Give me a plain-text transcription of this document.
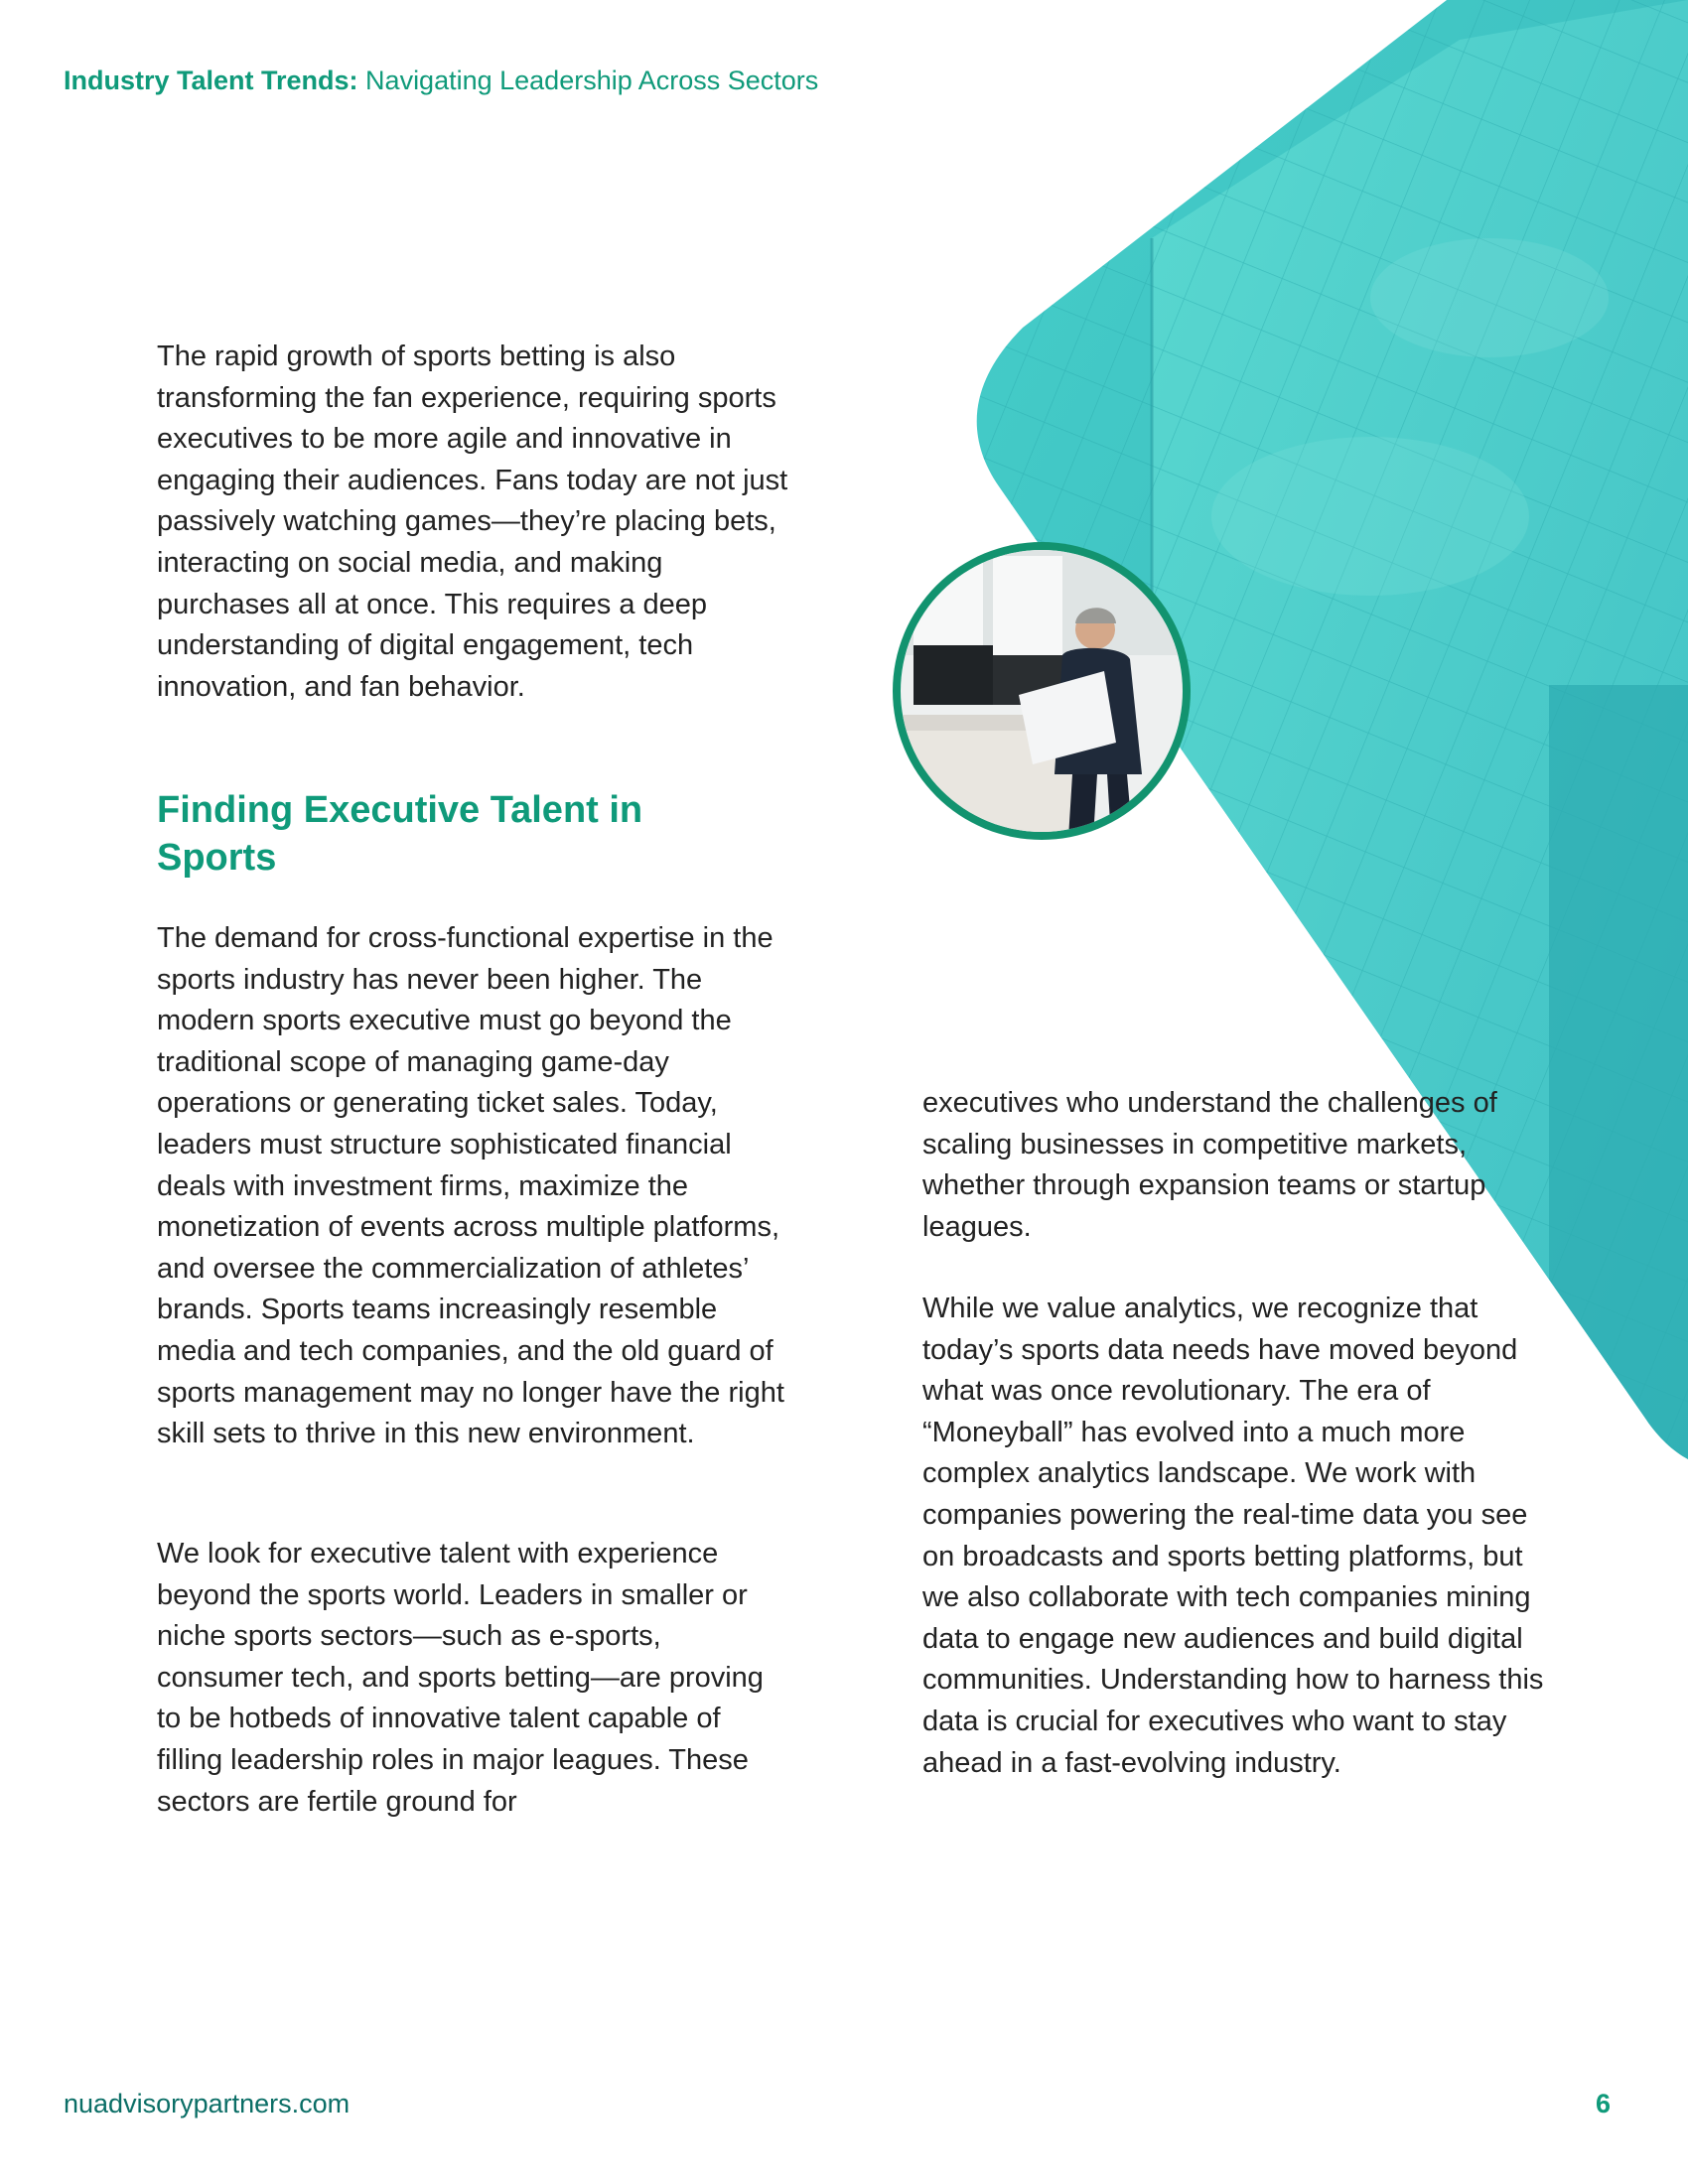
Industry Talent Trends: Navigating Leadership Across Sectors
The rapid growth of sports betting is also transforming the fan experience, requiring sports executives to be more agile and innovative in engaging their audiences. Fans today are not just passively watching games—they’re placing bets, interacting on social media, and making purchases all at once. This requires a deep understanding of digital engagement, tech innovation, and fan behavior.
Finding Executive Talent in Sports
The demand for cross-functional expertise in the sports industry has never been higher. The modern sports executive must go beyond the traditional scope of managing game-day operations or generating ticket sales. Today, leaders must structure sophisticated financial deals with investment firms, maximize the monetization of events across multiple platforms, and oversee the commercialization of athletes’ brands. Sports teams increasingly resemble media and tech companies, and the old guard of sports management may no longer have the right skill sets to thrive in this new environment.
We look for executive talent with experience beyond the sports world. Leaders in smaller or niche sports sectors—such as e-sports, consumer tech, and sports betting—are proving to be hotbeds of innovative talent capable of filling leadership roles in major leagues. These sectors are fertile ground for
executives who understand the challenges of scaling businesses in competitive markets, whether through expansion teams or startup leagues.
While we value analytics, we recognize that today’s sports data needs have moved beyond what was once revolutionary. The era of “Moneyball” has evolved into a much more complex analytics landscape. We work with companies powering the real-time data you see on broadcasts and sports betting platforms, but we also collaborate with tech companies mining data to engage new audiences and build digital communities. Understanding how to harness this data is crucial for executives who want to stay ahead in a fast-evolving industry.
nuadvisorypartners.com	6
